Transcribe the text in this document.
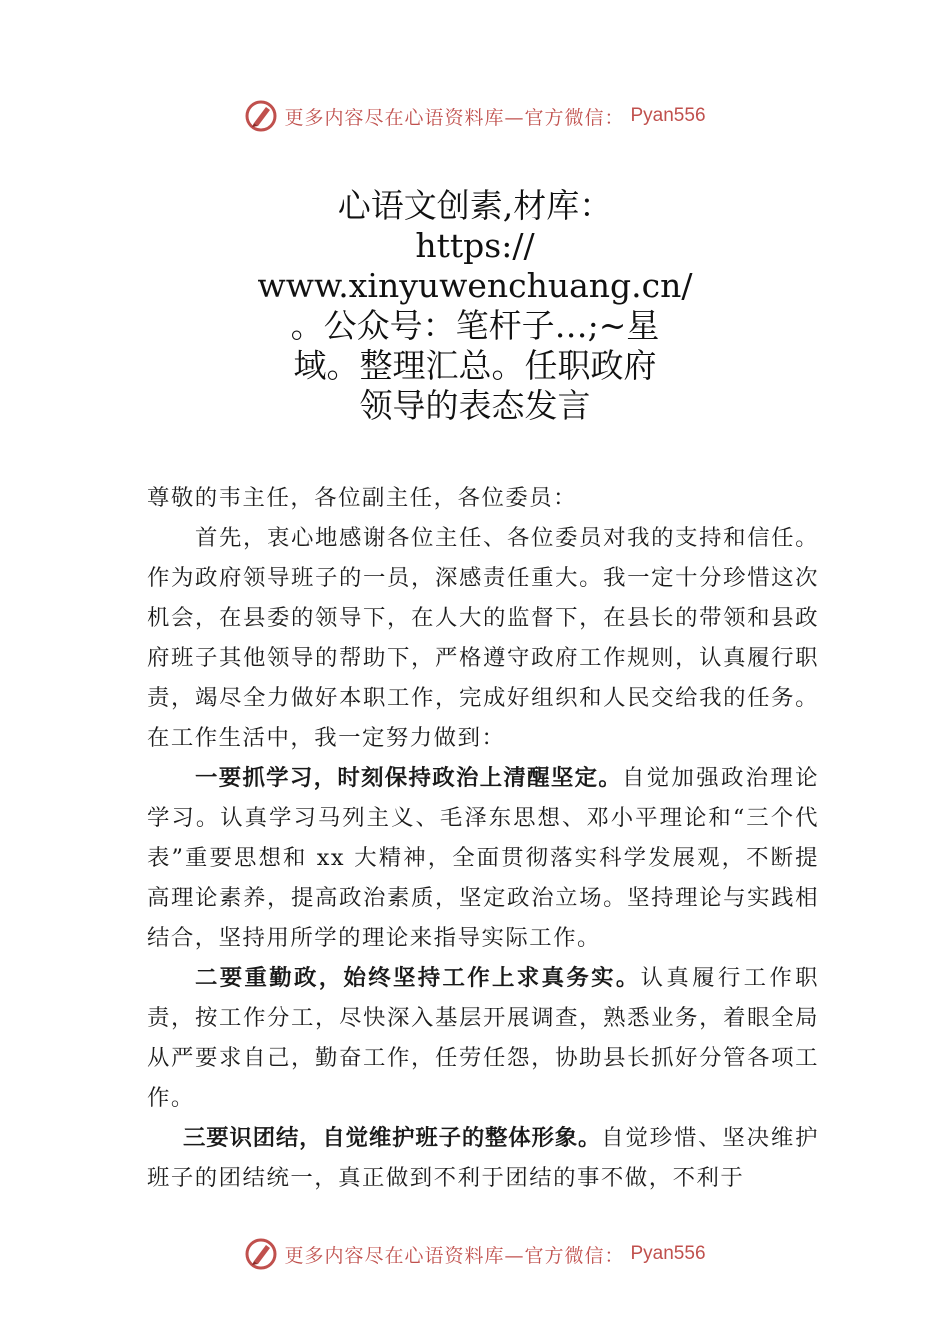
更多内容尽在心语资料库—官方微信： Pyan556
心语文创素,材库：
https://
www.xinyuwenchuang.cn/
。公众号：笔杆子…;~星
域。整理汇总。任职政府
领导的表态发言

尊敬的韦主任，各位副主任，各位委员：

首先，衷心地感谢各位主任、各位委员对我的支持和信任。作为政府领导班子的一员，深感责任重大。我一定十分珍惜这次机会，在县委的领导下，在人大的监督下，在县长的带领和县政府班子其他领导的帮助下，严格遵守政府工作规则，认真履行职责，竭尽全力做好本职工作，完成好组织和人民交给我的任务。在工作生活中，我一定努力做到：

一要抓学习，时刻保持政治上清醒坚定。自觉加强政治理论学习。认真学习马列主义、毛泽东思想、邓小平理论和“三个代表”重要思想和 xx 大精神，全面贯彻落实科学发展观，不断提高理论素养，提高政治素质，坚定政治立场。坚持理论与实践相结合，坚持用所学的理论来指导实际工作。

二要重勤政，始终坚持工作上求真务实。认真履行工作职责，按工作分工，尽快深入基层开展调查，熟悉业务，着眼全局从严要求自己，勤奋工作，任劳任怨，协助县长抓好分管各项工作。

三要识团结，自觉维护班子的整体形象。自觉珍惜、坚决维护班子的团结统一，真正做到不利于团结的事不做，不利于

更多内容尽在心语资料库—官方微信： Pyan556
